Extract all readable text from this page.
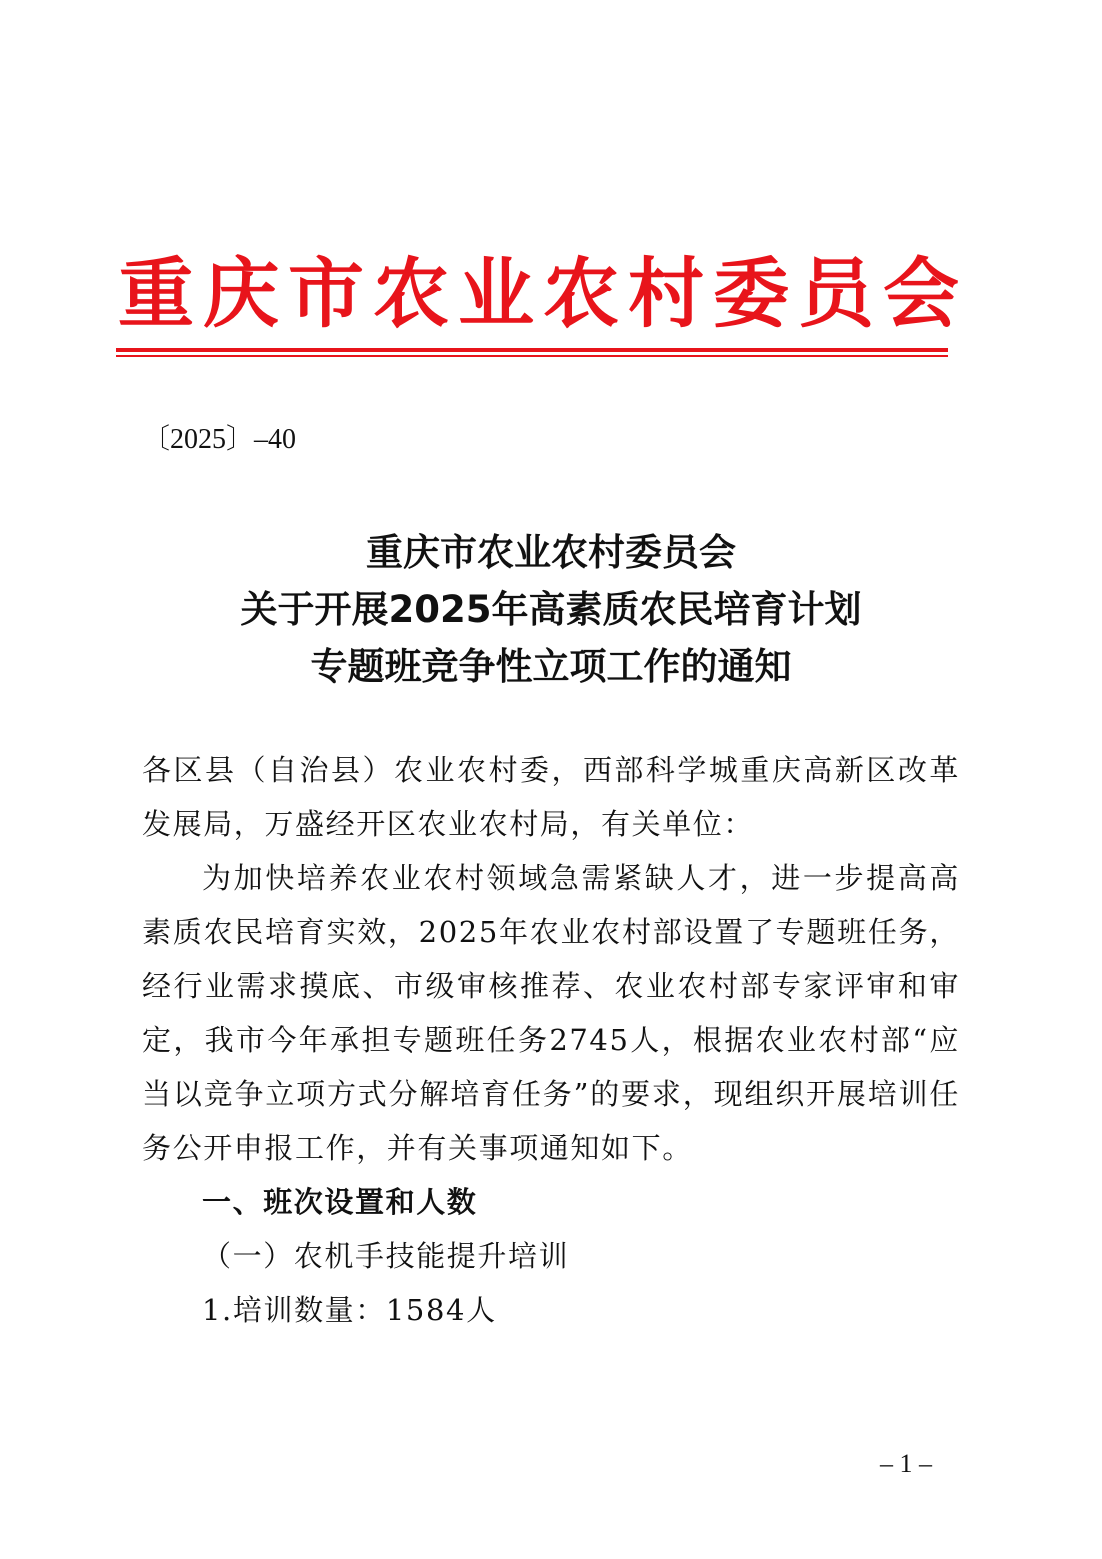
重庆市农业农村委员会
〔2025〕–40
重庆市农业农村委员会
关于开展2025年高素质农民培育计划
专题班竞争性立项工作的通知

各区县（自治县）农业农村委，西部科学城重庆高新区改革发展局，万盛经开区农业农村局，有关单位：

为加快培养农业农村领域急需紧缺人才，进一步提高高素质农民培育实效，2025年农业农村部设置了专题班任务，经行业需求摸底、市级审核推荐、农业农村部专家评审和审定，我市今年承担专题班任务2745人，根据农业农村部“应当以竞争立项方式分解培育任务”的要求，现组织开展培训任务公开申报工作，并有关事项通知如下。

一、班次设置和人数

（一）农机手技能提升培训

1.培训数量：1584人

– 1 –
